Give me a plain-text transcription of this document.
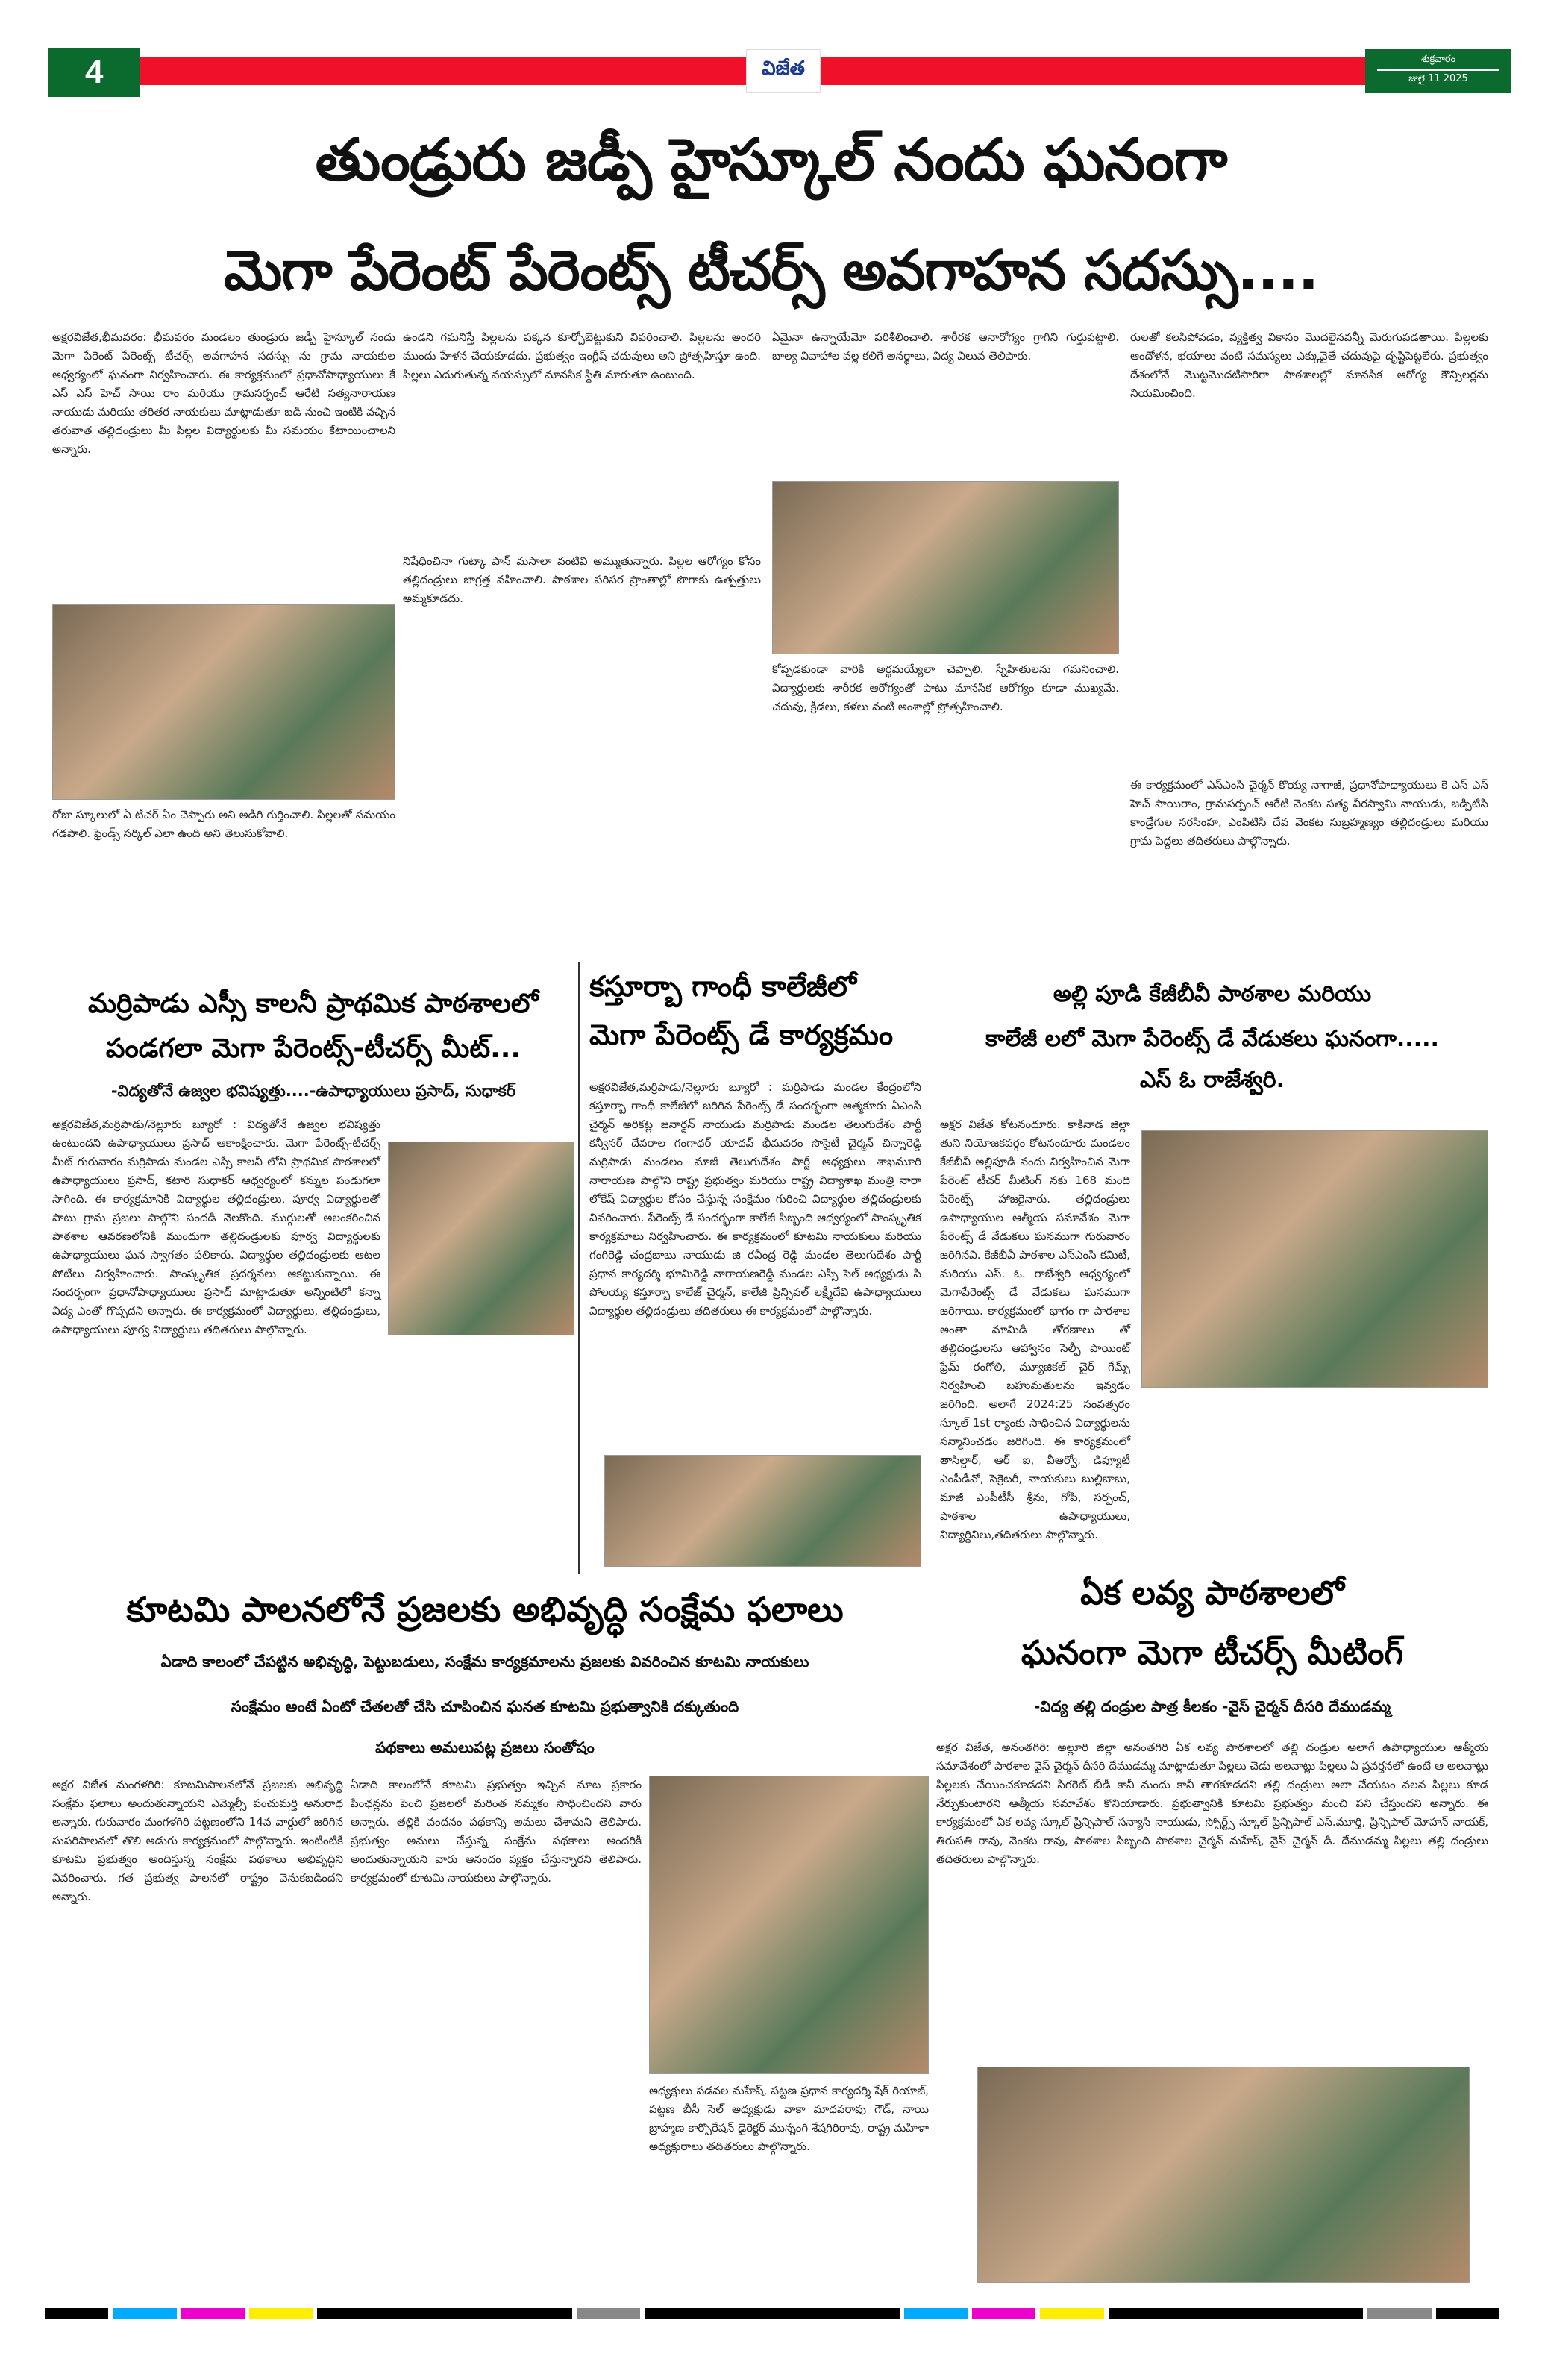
4	విజేత	శుక్రవారం
జులై 11 2025
తుండ్రురు జడ్పీ హైస్కూల్ నందు ఘనంగా
మెగా పేరెంట్ పేరెంట్స్ టీచర్స్ అవగాహన సదస్సు....
అక్షరవిజేత,భీమవరం: భీమవరం మండలం తుండ్రురు జడ్పీ హైస్కూల్ నందు మెగా పేరెంట్ పేరెంట్స్ టీచర్స్ అవగాహన సదస్సు ను గ్రామ నాయకుల ఆధ్వర్యంలో ఘనంగా నిర్వహించారు. ఈ కార్యక్రమంలో ప్రధానోపాధ్యాయులు కే ఎస్ ఎస్ హెచ్ సాయి రాం మరియు గ్రామసర్పంచ్ ఆరేటి సత్యనారాయణ నాయుడు మరియు తరితర నాయకులు మాట్లాడుతూ బడి నుంచి ఇంటికి వచ్చిన తరువాత తల్లిదండ్రులు మీ పిల్లల విద్యార్థులకు మీ సమయం కేటాయించాలని అన్నారు.
రోజు స్కూలులో ఏ టీచర్ ఏం చెప్పారు అని అడిగి గుర్తించాలి. పిల్లలతో సమయం గడపాలి. ఫ్రెండ్స్ సర్కిల్ ఎలా ఉంది అని తెలుసుకోవాలి.
ఉండని గమనిస్తే పిల్లలను పక్కన కూర్చోబెట్టుకుని వివరించాలి. పిల్లలను అందరి ముందు హేళన చేయకూడదు. ప్రభుత్వం ఇంగ్లీష్ చదువులు అని ప్రోత్సహిస్తూ ఉంది. పిల్లలు ఎదుగుతున్న వయస్సులో మానసిక స్థితి మారుతూ ఉంటుంది.
నిషేధించినా గుట్కా పాన్ మసాలా వంటివి అమ్ముతున్నారు. పిల్లల ఆరోగ్యం కోసం తల్లిదండ్రులు జాగ్రత్త వహించాలి. పాఠశాల పరిసర ప్రాంతాల్లో పొగాకు ఉత్పత్తులు అమ్మకూడదు.
ఏమైనా ఉన్నాయేమో పరిశీలించాలి. శారీరక ఆనారోగ్యం గ్రాగిని గుర్తుపట్టాలి. బాల్య వివాహాల వల్ల కలిగే అనర్థాలు, విద్య విలువ తెలిపారు.
కోప్పడకుండా వారికి అర్థమయ్యేలా చెప్పాలి. స్నేహితులను గమనించాలి. విద్యార్థులకు శారీరక ఆరోగ్యంతో పాటు మానసిక ఆరోగ్యం కూడా ముఖ్యమే. చదువు, క్రీడలు, కళలు వంటి అంశాల్లో ప్రోత్సహించాలి.
రులతో కలసిపోవడం, వ్యక్తిత్వ వికాసం మొదలైనవన్నీ మెరుగుపడతాయి. పిల్లలకు ఆందోళన, భయాలు వంటి సమస్యలు ఎక్కువైతే చదువుపై దృష్టిపెట్టలేరు. ప్రభుత్వం దేశంలోనే మొట్టమొదటిసారిగా పాఠశాలల్లో మానసిక ఆరోగ్య కౌన్సిలర్లను నియమించింది.
ఈ కార్యక్రమంలో ఎస్ఎంసి చైర్మన్ కొయ్య నాగాజీ, ప్రధానోపాధ్యాయులు కె ఎస్ ఎస్ హెచ్ సాయిరాం, గ్రామసర్పంచ్ ఆరేటి వెంకట సత్య వీరస్వామి నాయుడు, జడ్పిటిసి కాండ్రేగుల నరసింహ, ఎంపిటిసి దేవ వెంకట సుబ్రహ్మణ్యం తల్లిదండ్రులు మరియు గ్రామ పెద్దలు తదితరులు పాల్గొన్నారు.
మర్రిపాడు ఎస్సీ కాలనీ ప్రాథమిక పాఠశాలలో
పండగలా మెగా పేరెంట్స్-టీచర్స్ మీట్...
-విద్యతోనే ఉజ్వల భవిష్యత్తు....-ఉపాధ్యాయులు ప్రసాద్, సుధాకర్
అక్షరవిజేత,మర్రిపాడు/నెల్లూరు బ్యూరో : విద్యతోనే ఉజ్వల భవిష్యత్తు ఉంటుందని ఉపాధ్యాయులు ప్రసాద్ ఆకాంక్షించారు. మెగా పేరెంట్స్-టీచర్స్ మీట్ గురువారం మర్రిపాడు మండల ఎస్సీ కాలనీ లోని ప్రాథమిక పాఠశాలలో ఉపాధ్యాయులు ప్రసాద్, కటారి సుధాకర్ ఆధ్వర్యంలో కన్నుల పండుగలా సాగింది. ఈ కార్యక్రమానికి విద్యార్థుల తల్లిదండ్రులు, పూర్వ విద్యార్థులతో పాటు గ్రామ ప్రజలు పాల్గొని సందడి నెలకొంది. ముగ్గులతో అలంకరించిన పాఠశాల ఆవరణలోనికి ముందుగా తల్లిదండ్రులకు పూర్వ విద్యార్థులకు ఉపాధ్యాయులు ఘన స్వాగతం పలికారు. విద్యార్థుల తల్లిదండ్రులకు ఆటల పోటీలు నిర్వహించారు. సాంస్కృతిక ప్రదర్శనలు ఆకట్టుకున్నాయి. ఈ సందర్భంగా ప్రధానోపాధ్యాయులు ప్రసాద్ మాట్లాడుతూ అన్నింటిలో కన్నా విద్య ఎంతో గొప్పదని అన్నారు. ఈ కార్యక్రమంలో విద్యార్థులు, తల్లిదండ్రులు, ఉపాధ్యాయులు పూర్వ విద్యార్థులు తదితరులు పాల్గొన్నారు.
కస్తూర్బా గాంధీ కాలేజీలో
మెగా పేరెంట్స్ డే కార్యక్రమం
అక్షరవిజేత,మర్రిపాడు/నెల్లూరు బ్యూరో : మర్రిపాడు మండల కేంద్రంలోని కస్తూర్బా గాంధీ కాలేజీలో జరిగిన పేరెంట్స్ డే సందర్భంగా ఆత్మకూరు ఏఎంసీ చైర్మన్ అరికట్ల జనార్దన్ నాయుడు మర్రిపాడు మండల తెలుగుదేశం పార్టీ కన్వీనర్ దేవరాల గంగాధర్ యాదవ్ భీమవరం సొసైటీ చైర్మన్ చిన్నారెడ్డి మర్రిపాడు మండలం మాజీ తెలుగుదేశం పార్టీ అధ్యక్షులు శాఖమూరి నారాయణ పాల్గొని రాష్ట్ర ప్రభుత్వం మరియు రాష్ట్ర విద్యాశాఖ మంత్రి నారా లోకేష్ విద్యార్థుల కోసం చేస్తున్న సంక్షేమం గురించి విద్యార్థుల తల్లిదండ్రులకు వివరించారు. పేరెంట్స్ డే సందర్భంగా కాలేజీ సిబ్బంది ఆధ్వర్యంలో సాంస్కృతిక కార్యక్రమాలు నిర్వహించారు. ఈ కార్యక్రమంలో కూటమి నాయకులు మరియు గంగిరెడ్డి చంద్రబాబు నాయుడు జి రవీంద్ర రెడ్డి మండల తెలుగుదేశం పార్టీ ప్రధాన కార్యదర్శి భూమిరెడ్డి నారాయణరెడ్డి మండల ఎస్సీ సెల్ అధ్యక్షుడు పి పోలయ్య కస్తూర్బా కాలేజ్ చైర్మన్, కాలేజీ ప్రిన్సిపల్ లక్ష్మీదేవి ఉపాధ్యాయులు విద్యార్థుల తల్లిదండ్రులు తదితరులు ఈ కార్యక్రమంలో పాల్గొన్నారు.
అల్లి పూడి కేజీబీవీ పాఠశాల మరియు
కాలేజీ లలో మెగా పేరెంట్స్ డే వేడుకలు ఘనంగా.....
ఎస్ ఓ రాజేశ్వరి.
అక్షర విజేత కోటనందూరు. కాకినాడ జిల్లా తుని నియోజకవర్గం కోటనందూరు మండలం కేజీబీవీ అల్లిపూడి నందు నిర్వహించిన మెగా పేరెంట్ టీచర్ మీటింగ్ నకు 168 మంది పేరెంట్స్ హాజరైనారు. తల్లిదండ్రులు ఉపాధ్యాయుల ఆత్మీయ సమావేశం మెగా పేరెంట్స్ డే వేడుకలు ఘనముగా గురువారం జరిగినవి. కేజీబీవీ పాఠశాల ఎస్ఎంసి కమిటీ, మరియు ఎస్. ఓ. రాజేశ్వరి ఆధ్వర్యంలో మెగాపేరెంట్స్ డే వేడుకలు ఘనముగా జరిగాయి. కార్యక్రమంలో భాగం గా పాఠశాల అంతా మామిడి తోరణాలు తో తల్లిదండ్రులను ఆహ్వానం సెల్ఫీ పాయింట్ ఫ్రేమ్ రంగోలి, మ్యూజికల్ చైర్ గేమ్స్ నిర్వహించి బహుమతులను ఇవ్వడం జరిగింది. అలాగే 2024:25 సంవత్సరం స్కూల్ 1st ర్యాంకు సాధించిన విద్యార్థులను సన్మానించడం జరిగింది. ఈ కార్యక్రమంలో తాసిల్దార్, ఆర్ ఐ, వీఆర్వో, డిప్యూటీ ఎంపీడీవో, సెక్రెటరీ, నాయకులు బుల్లిబాబు, మాజీ ఎంపీటీసీ శ్రీను, గోపి, సర్పంచ్, పాఠశాల ఉపాధ్యాయులు, విద్యార్థినిలు,తదితరులు పాల్గొన్నారు.
కూటమి పాలనలోనే ప్రజలకు అభివృద్ధి సంక్షేమ ఫలాలు
ఏడాది కాలంలో చేపట్టిన అభివృద్ధి, పెట్టుబడులు, సంక్షేమ కార్యక్రమాలను ప్రజలకు వివరించిన కూటమి నాయకులు
సంక్షేమం అంటే ఏంటో చేతలతో చేసి చూపించిన ఘనత కూటమి ప్రభుత్వానికి దక్కుతుంది
పథకాలు అమలుపట్ల ప్రజలు సంతోషం
అక్షర విజేత మంగళగిరి: కూటమిపాలనలోనే ప్రజలకు అభివృద్ధి సంక్షేమ ఫలాలు అందుతున్నాయని ఎమ్మెల్సీ పంచుమర్తి అనురాధ అన్నారు. గురువారం మంగళగిరి పట్టణంలోని 14వ వార్డులో జరిగిన సుపరిపాలనలో తొలి అడుగు కార్యక్రమంలో పాల్గొన్నారు. ఇంటింటికీ కూటమి ప్రభుత్వం అందిస్తున్న సంక్షేమ పథకాలు అభివృద్ధిని వివరించారు. గత ప్రభుత్వ పాలనలో రాష్ట్రం వెనుకబడిందని అన్నారు.
ఏడాది కాలంలోనే కూటమి ప్రభుత్వం ఇచ్చిన మాట ప్రకారం పింఛన్లను పెంచి ప్రజలలో మరింత నమ్మకం సాధించిందని వారు అన్నారు. తల్లికి వందనం పథకాన్ని అమలు చేశామని తెలిపారు. ప్రభుత్వం అమలు చేస్తున్న సంక్షేమ పథకాలు అందరికీ అందుతున్నాయని వారు ఆనందం వ్యక్తం చేస్తున్నారని తెలిపారు. కార్యక్రమంలో కూటమి నాయకులు పాల్గొన్నారు.
అధ్యక్షులు పడవల మహేష్, పట్టణ ప్రధాన కార్యదర్శి షేక్ రియాజ్, పట్టణ బీసీ సెల్ అధ్యక్షుడు వాకా మాధవరావు గౌడ్, నాయి బ్రాహ్మణ కార్పొరేషన్ డైరెక్టర్ మున్నంగి శేషగిరిరావు, రాష్ట్ర మహిళా అధ్యక్షురాలు తదితరులు పాల్గొన్నారు.
ఏక లవ్య పాఠశాలలో
ఘనంగా మెగా టీచర్స్ మీటింగ్
-విద్య తల్లి దండ్రుల పాత్ర కీలకం -వైస్ చైర్మన్ దీసరి దేముడమ్మ
అక్షర విజేత, అనంతగిరి: అల్లూరి జిల్లా అనంతగిరి ఏక లవ్య పాఠశాలలో తల్లి దండ్రుల అలాగే ఉపాధ్యాయుల ఆత్మీయ సమావేశంలో పాఠశాల వైస్ చైర్మన్ దీసరి దేముడమ్మ మాట్లాడుతూ పిల్లలు చెడు అలవాట్లు పిల్లలు ఏ ప్రవర్తనలో ఉంటే ఆ అలవాట్లు పిల్లలకు చేయించకూడదని సిగరెట్ బీడీ కానీ మందు కానీ తాగకూడదని తల్లి దండ్రులు అలా చేయటం వలన పిల్లలు కూడ నేర్చుకుంటారని ఆత్మీయ సమావేశం కొనియాడారు. ప్రభుత్వానికి కూటమి ప్రభుత్వం మంచి పని చేస్తుందని అన్నారు. ఈ కార్యక్రమంలో ఏక లవ్య స్కూల్ ప్రిన్సిపాల్ సన్యాసి నాయుడు, స్పోర్ట్స్ స్కూల్ ప్రిన్సిపాల్ ఎస్.మూర్తి, ప్రిన్సిపాల్ మోహన్ నాయక్, తిరుపతి రావు, వెంకట రావు, పాఠశాల సిబ్బంది పాఠశాల చైర్మన్ మహేష్, వైస్ చైర్మన్ డి. దేముడమ్మ పిల్లలు తల్లి దండ్రులు తదితరులు పాల్గొన్నారు.
